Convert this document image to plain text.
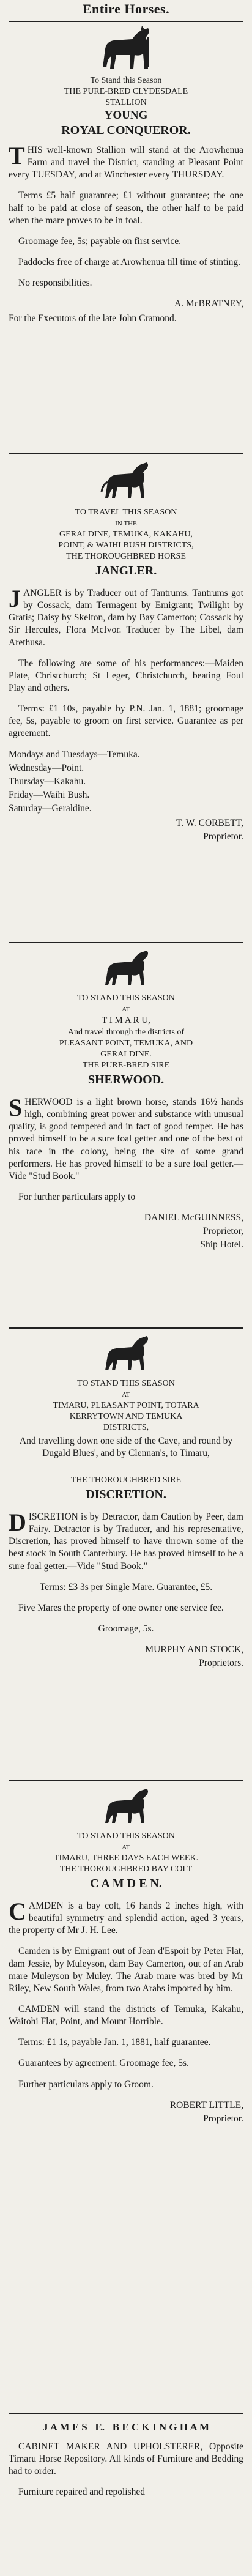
Entire Horses.
To Stand this Season
THE PURE-BRED CLYDESDALE
STALLION
YOUNG
ROYAL CONQUEROR.

THIS well-known Stallion will stand at the Arowhenua Farm and travel the District, standing at Pleasant Point every TUESDAY, and at Winchester every THURSDAY.

Terms £5 half guarantee; £1 without guarantee; the one half to be paid at close of season, the other half to be paid when the mare proves to be in foal.

Groomage fee, 5s; payable on first service.

Paddocks free of charge at Arowhenua till time of stinting.

No responsibilities.

A. McBRATNEY,

For the Executors of the late John Cramond.

TO TRAVEL THIS SEASON
IN THE
GERALDINE, TEMUKA, KAKAHU,
POINT, & WAIHI BUSH DISTRICTS,
THE THOROUGHBRED HORSE
JANGLER.

JANGLER is by Traducer out of Tantrums. Tantrums got by Cossack, dam Termagent by Emigrant; Twilight by Gratis; Daisy by Skelton, dam by Bay Camerton; Cossack by Sir Hercules, Flora McIvor. Traducer by The Libel, dam Arethusa.

The following are some of his performances:—Maiden Plate, Christchurch; St Leger, Christchurch, beating Foul Play and others.

Terms: £1 10s, payable by P.N. Jan. 1, 1881; groomage fee, 5s, payable to groom on first service. Guarantee as per agreement.

Mondays and Tuesdays—Temuka.

Wednesday—Point.

Thursday—Kakahu.

Friday—Waihi Bush.

Saturday—Geraldine.

T. W. CORBETT,

Proprietor.

TO STAND THIS SEASON
AT
T I M A R U,
And travel through the districts of
PLEASANT POINT, TEMUKA, AND
GERALDINE.
THE PURE-BRED SIRE
SHERWOOD.

SHERWOOD is a light brown horse, stands 16½ hands high, combining great power and substance with unusual quality, is good tempered and in fact of good temper. He has proved himself to be a sure foal getter and one of the best of his race in the colony, being the sire of some grand performers. He has proved himself to be a sure foal getter.—Vide "Stud Book."

For further particulars apply to

DANIEL McGUINNESS,

Proprietor,

Ship Hotel.

TO STAND THIS SEASON
AT
TIMARU, PLEASANT POINT, TOTARA
KERRYTOWN AND TEMUKA
DISTRICTS,

And travelling down one side of the Cave, and round by Dugald Blues', and by Clennan's, to Timaru,

THE THOROUGHBRED SIRE
DISCRETION.

DISCRETION is by Detractor, dam Caution by Peer, dam Fairy. Detractor is by Traducer, and his representative, Discretion, has proved himself to have thrown some of the best stock in South Canterbury. He has proved himself to be a sure foal getter.—Vide "Stud Book."

Terms: £3 3s per Single Mare. Guarantee, £5.

Five Mares the property of one owner one service fee.

Groomage, 5s.

MURPHY AND STOCK,

Proprietors.

TO STAND THIS SEASON
AT
TIMARU, THREE DAYS EACH WEEK.
THE THOROUGHBRED BAY COLT
C A M D E N.

CAMDEN is a bay colt, 16 hands 2 inches high, with beautiful symmetry and splendid action, aged 3 years, the property of Mr J. H. Lee.

Camden is by Emigrant out of Jean d'Espoit by Peter Flat, dam Jessie, by Muleyson, dam Bay Camerton, out of an Arab mare Muleyson by Muley. The Arab mare was bred by Mr Riley, New South Wales, from two Arabs imported by him.

CAMDEN will stand the districts of Temuka, Kakahu, Waitohi Flat, Point, and Mount Horrible.

Terms: £1 1s, payable Jan. 1, 1881, half guarantee.

Guarantees by agreement. Groomage fee, 5s.

Further particulars apply to Groom.

ROBERT LITTLE,

Proprietor.

J A M E S   E.   B E C K I N G H A M

CABINET MAKER AND UPHOLSTERER, Opposite Timaru Horse Repository. All kinds of Furniture and Bedding had to order.

Furniture repaired and repolished
